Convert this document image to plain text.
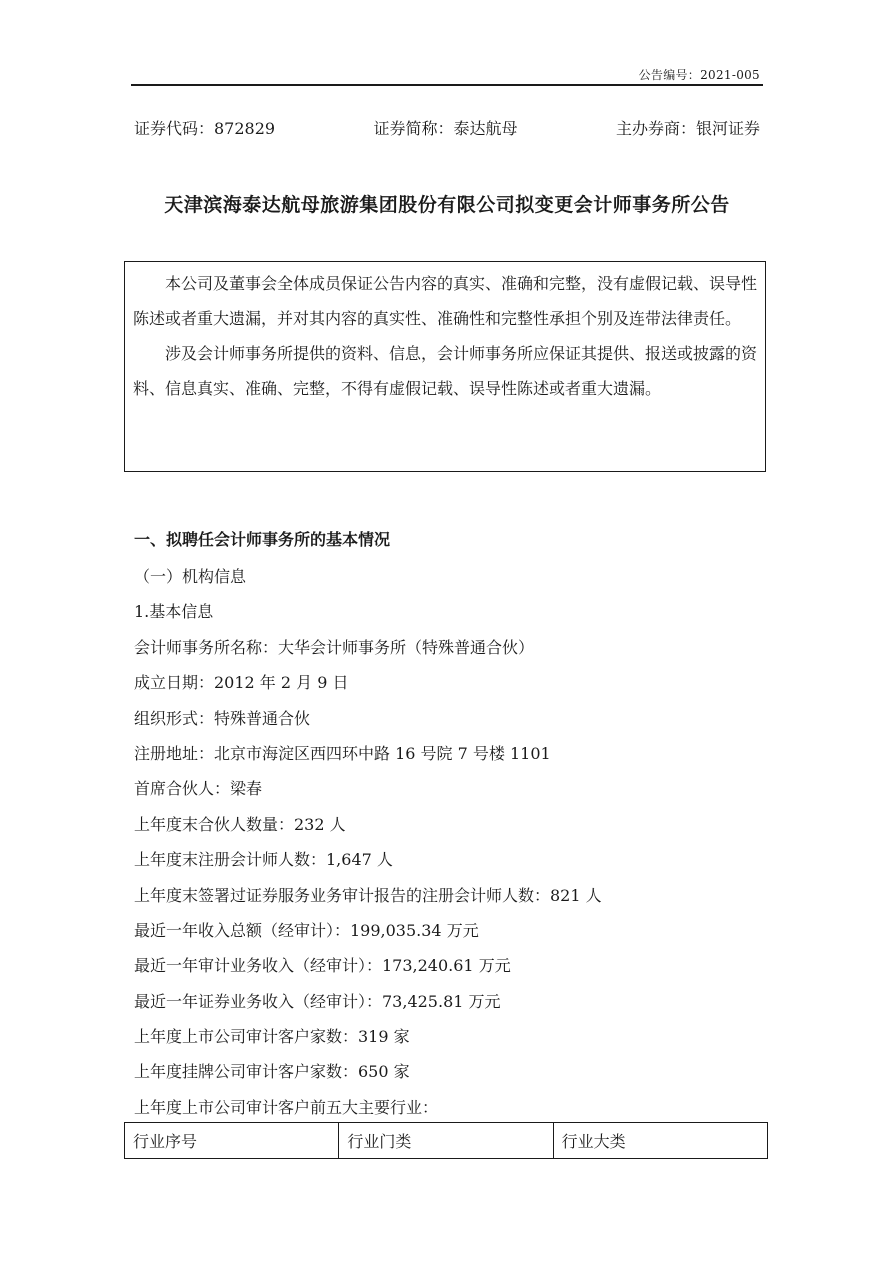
公告编号：2021-005
证券代码：872829	证券简称：泰达航母	主办券商：银河证券
天津滨海泰达航母旅游集团股份有限公司拟变更会计师事务所公告

本公司及董事会全体成员保证公告内容的真实、准确和完整，没有虚假记载、误导性陈述或者重大遗漏，并对其内容的真实性、准确性和完整性承担个别及连带法律责任。

涉及会计师事务所提供的资料、信息，会计师事务所应保证其提供、报送或披露的资料、信息真实、准确、完整，不得有虚假记载、误导性陈述或者重大遗漏。

一、拟聘任会计师事务所的基本情况
（一）机构信息
1.基本信息
会计师事务所名称：大华会计师事务所（特殊普通合伙）
成立日期：2012 年 2 月 9 日
组织形式：特殊普通合伙
注册地址：北京市海淀区西四环中路 16 号院 7 号楼 1101
首席合伙人：梁春
上年度末合伙人数量：232 人
上年度末注册会计师人数：1,647 人
上年度末签署过证券服务业务审计报告的注册会计师人数：821 人
最近一年收入总额（经审计）：199,035.34 万元
最近一年审计业务收入（经审计）：173,240.61 万元
最近一年证券业务收入（经审计）：73,425.81 万元
上年度上市公司审计客户家数：319 家
上年度挂牌公司审计客户家数：650 家
上年度上市公司审计客户前五大主要行业：
行业序号	行业门类	行业大类
